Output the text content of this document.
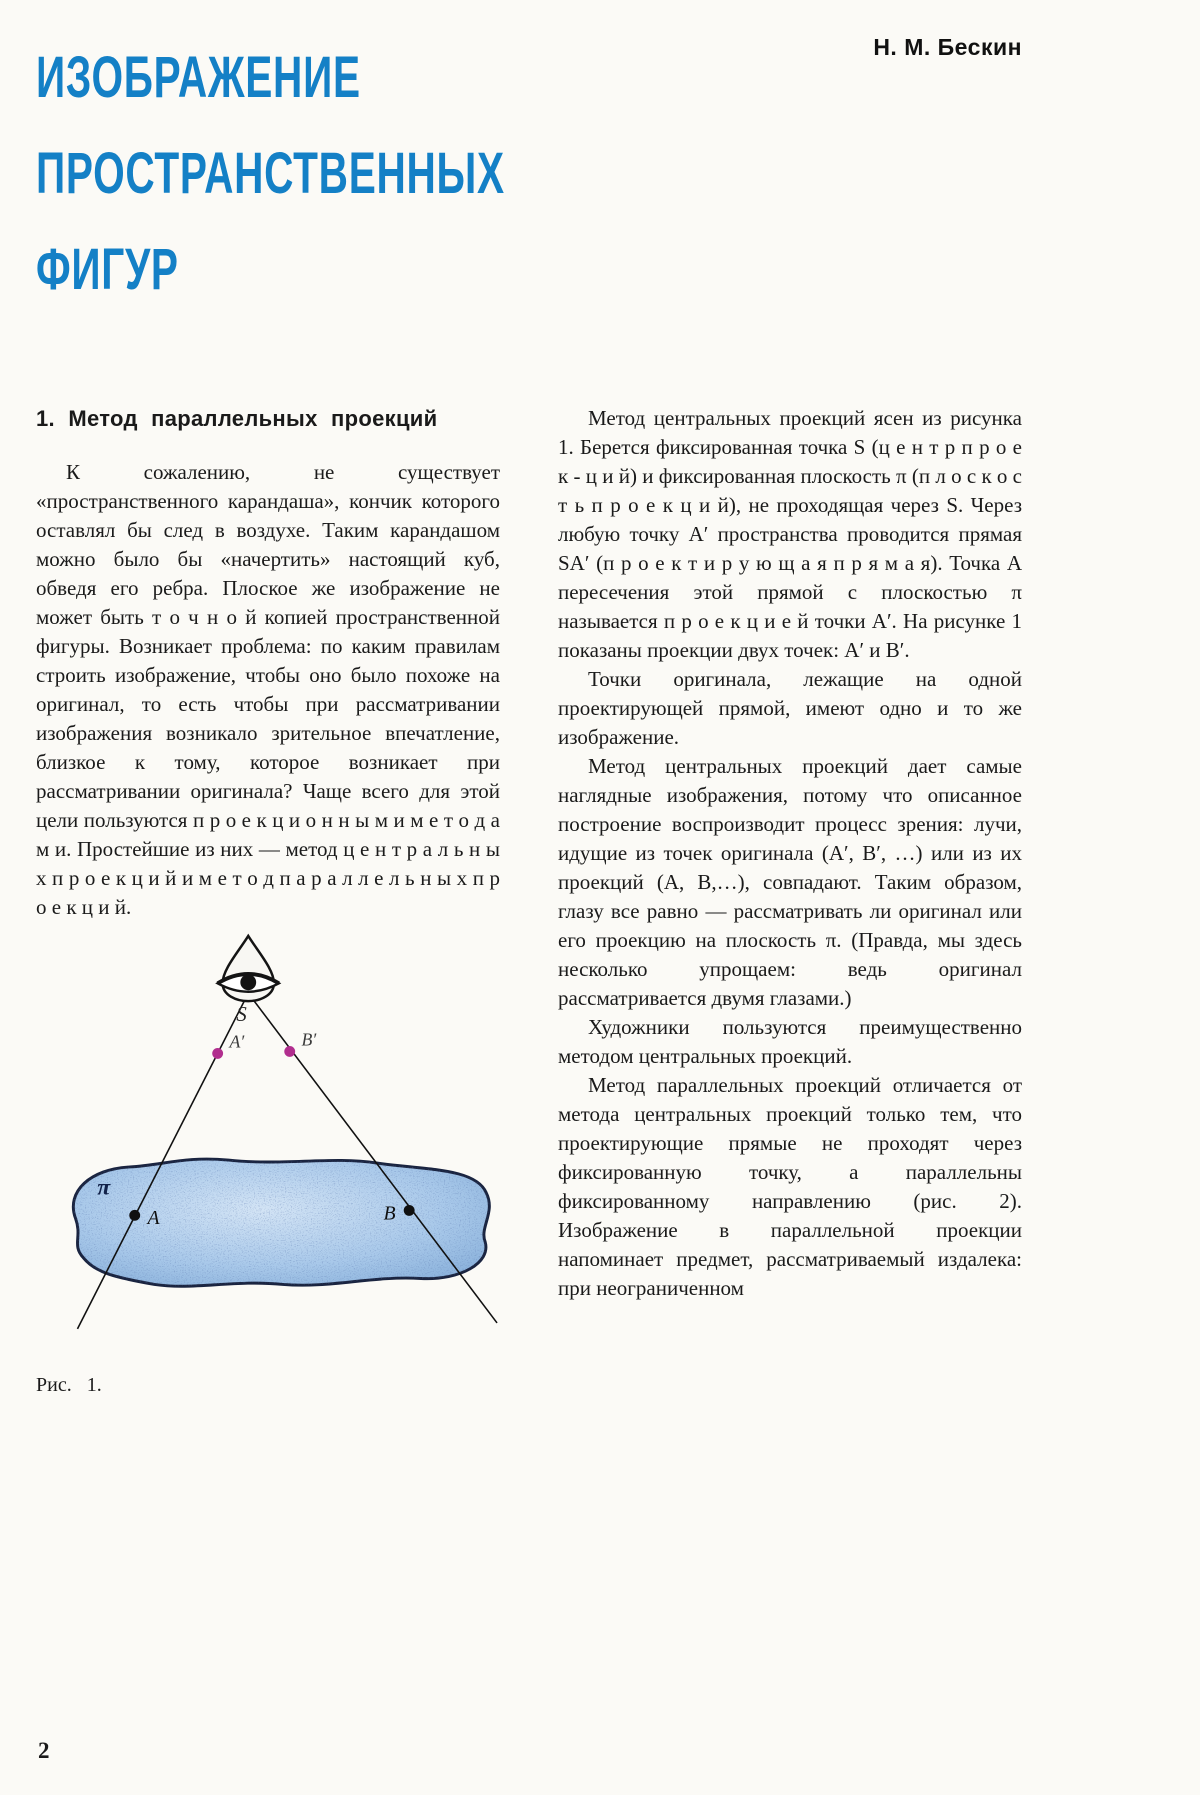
ИЗОБРАЖЕНИЕ
ПРОСТРАНСТВЕННЫХ
ФИГУР
Н. М. Бескин
1. Метод параллельных проекций

К сожалению, не существует «пространственного карандаша», кончик которого оставлял бы след в воздухе. Таким карандашом можно было бы «начертить» настоящий куб, обведя его ребра. Плоское же изображение не может быть т о ч н о й копией пространственной фигуры. Возникает проблема: по каким правилам строить изображение, чтобы оно было похоже на оригинал, то есть чтобы при рассматривании изображения возникало зрительное впечатление, близкое к тому, которое возникает при рассматривании оригинала? Чаще всего для этой цели пользуются п р о е к ц и о н н ы м и м е т о д а м и. Простейшие из них — метод ц е н т р а л ь н ы х п р о е к ц и й и м е т о д п а р а л л е л ь н ы х п р о е к ц и й.

S
A′	B′
A	B
π
Рис. 1.

Метод центральных проекций ясен из рисунка 1. Берется фиксированная точка S (ц е н т р п р о е к - ц и й) и фиксированная плоскость π (п л о с к о с т ь п р о е к ц и й), не проходящая через S. Через любую точку A′ пространства проводится прямая SA′ (п р о е к т и р у ю щ а я п р я м а я). Точка A пересечения этой прямой с плоскостью π называется п р о е к ц и е й точки A′. На рисунке 1 показаны проекции двух точек: A′ и B′.

Точки оригинала, лежащие на одной проектирующей прямой, имеют одно и то же изображение.

Метод центральных проекций дает самые наглядные изображения, потому что описанное построение воспроизводит процесс зрения: лучи, идущие из точек оригинала (A′, B′, …) или из их проекций (A, B,…), совпадают. Таким образом, глазу все равно — рассматривать ли оригинал или его проекцию на плоскость π. (Правда, мы здесь несколько упрощаем: ведь оригинал рассматривается двумя глазами.)

Художники пользуются преимущественно методом центральных проекций.

Метод параллельных проекций отличается от метода центральных проекций только тем, что проектирующие прямые не проходят через фиксированную точку, а параллельны фиксированному направлению (рис. 2). Изображение в параллельной проекции напоминает предмет, рассматриваемый издалека: при неограниченном

2
